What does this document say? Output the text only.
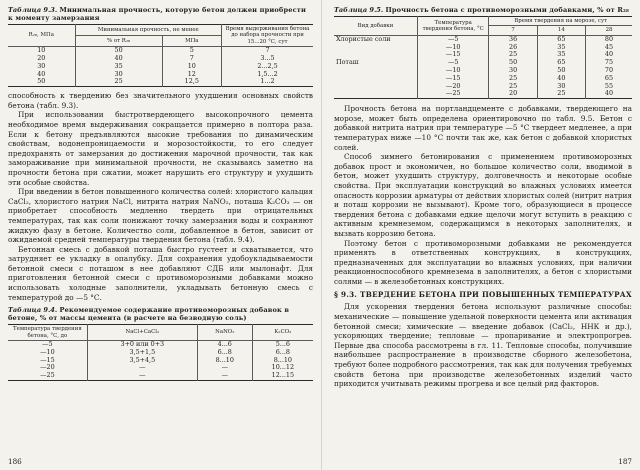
Таблица 9.3. Минимальная прочность, которую бетон должен приобрести к моменту замерзания
R₂₈, МПа	Минимальная прочность, не менее		Время выдерживания бетона до набора прочности при 15...20 °С, сут
	% от R₂₈	МПа	
10	50	5	7
20	40	7	3...5
30	35	10	2...2,5
40	30	12	1,5...2
50	25	12,5	1...2

способность к твердению без значительного ухудшения основных свойств бетона (табл. 9.3).

При использовании быстротвердеющего высокопрочного цемента необходимое время выдерживания сокращается примерно в полтора раза. Если к бетону предъявляются высокие требования по динамическим свойствам, водонепроницаемости и морозостойкости, то его следует предохранять от замерзания до достижения марочной прочности, так как замораживание при минимальной прочности, не сказываясь заметно на прочности бетона при сжатии, может нарушить его структуру и ухудшить эти особые свойства.

При введении в бетон повышенного количества солей: хлористого кальция CaCl₂, хлористого натрия NaCl, нитрита натрия NaNO₂, поташа K₂CO₃ — он приобретает способность медленно твердеть при отрицательных температурах, так как соли понижают точку замерзания воды и сохраняют жидкую фазу в бетоне. Количество соли, добавленное в бетон, зависит от ожидаемой средней температуры твердения бетона (табл. 9.4).

Бетонная смесь с добавкой поташа быстро густеет и схватывается, что затрудняет ее укладку в опалубку. Для сохранения удобоукладываемости бетонной смеси с поташом в нее добавляют СДБ или мылонафт. Для приготовления бетонной смеси с противоморозными добавками можно использовать холодные заполнители, укладывать бетонную смесь с температурой до —5 °С.

Таблица 9.4. Рекомендуемое содержание противоморозных добавок в бетоне, % от массы цемента (в расчете на безводную соль)
Температура твердения бетона, °С, до	NaCl+CaCl₂	NaNO₂	K₂CO₃
—5	3+0 или 0+3	4...6	5...6
—10	3,5+1,5	6...8	6...8
—15	3,5+4,5	8...10	8...10
—20	—	—	10...12
—25	—	—	12...15
186
Таблица 9.5. Прочность бетона с противоморозными добавками, % от R₂₈
Вид добавки	Температура твердения бетона, °С	Время твердения на морозе, сут		
		7	14	28
Хлористые соли	—5	36	65	80
	—10	26	35	45
	—15	25	35	40
Поташ	—5	50	65	75
	—10	30	50	70
	—15	25	40	65
	—20	25	30	55
	—25	20	25	40

Прочность бетона на портландцементе с добавками, твердеющего на морозе, может быть определена ориентировочно по табл. 9.5. Бетон с добавкой нитрита натрия при температуре —5 °С твердеет медленее, а при температурах ниже —10 °С почти так же, как бетон с добавкой хлористых солей.

Способ зимнего бетонирования с применением противоморозных добавок прост и экономичен, но большое количество соли, вводимой в бетон, может ухудшить структуру, долговечность и некоторые особые свойства. При эксплуатации конструкций во влажных условиях имеется опасность коррозии арматуры от действия хлористых солей (нитрит натрия и поташ коррозии не вызывают). Кроме того, образующиеся в процессе твердения бетона с добавками едкие щелочи могут вступить в реакцию с активным кремнеземом, содержащимся в некоторых заполнителях, и вызвать коррозию бетона.

Поэтому бетон с противоморозными добавками не рекомендуется применять в ответственных конструкциях, в конструкциях, предназначенных для эксплуатации во влажных условиях, при наличии реакционноспособного кремнезема в заполнителях, а бетон с хлористыми солями — в железобетонных конструкциях.

§ 9.3. ТВЕРДЕНИЕ БЕТОНА ПРИ ПОВЫШЕННЫХ ТЕМПЕРАТУРАХ

Для ускорения твердения бетона используют различные способы: механические — повышение удельной поверхности цемента или активация бетонной смеси; химические — введение добавок (CaCl₂, ННК и др.), ускоряющих твердение; тепловые — пропаривание и электропрогрев. Первые два способа рассмотрены в гл. 11. Тепловые способы, получившие наибольшее распространение в производстве сборного железобетона, требуют более подробного рассмотрения, так как для получения требуемых свойств бетона при производстве железобетонных изделий часто приходится учитывать режимы прогрева и все целый ряд факторов.

187
